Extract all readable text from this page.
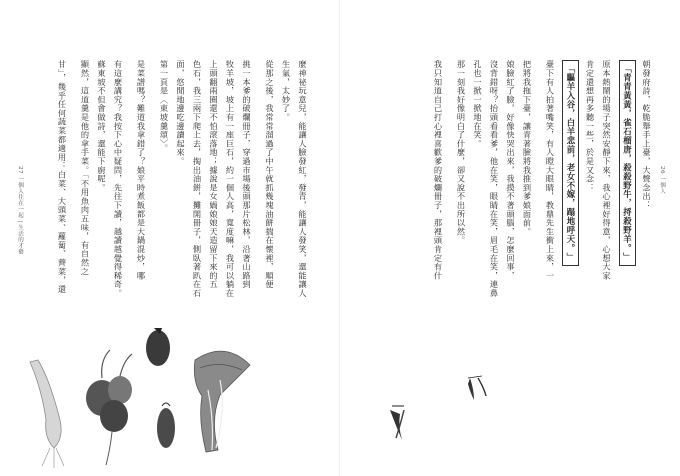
27 一個人住在一起 | 生活的才藝	麼神祕玩意兒，能讓人臉發紅，發青，能讓人發笑，還能讓人
生氣，太妙了。
從那之後，我常常溜過了中午就抓幾塊油餅揣在懷裡，順便
挑一本爹的破爛冊子，穿過市場後頭那片松林，沿著山路到
牧羊坡，坡上有一座巨石，約一個人高，寬度嘛，我可以躺在
上頭翻兩圈還不怕滾落地；據說是女媧娘娘天造留下來的五
色石，我三兩下爬上去，掏出油餅，攤開冊子，側臥著趴在石
面，悠閒地邊吃邊讀起來。
第一頁是〈東坡羹頌〉。
是菜譜嗎？難道我拿錯了？娘平時煮飯都是大鍋混炒，哪
有這麼講究？我按下心中疑問，先往下讀，越讀越覺得稀奇。
蘇東坡不但會做詩，還能下廚呢。
顯然，這道羹是他的拿手菜。「不用魚肉五味，有自然之
甘」，幾乎任何蔬菜都適用：白菜、大頭菜、蘿蔔、薺菜，還	26 一個人
朝發府詩，乾脆舉手上臺，大聲念出：
「青青黃黃，雀石榴唐，殺殺野牛，捋殺野羊。」
原本熱鬧的場子突然安靜下來，我心裡好得意，心想大家
肯定還想再多聽一些，於是又念：
「驅羊入谷，白羊悲前，老女不嫁，蹋地呼天。」
臺下有人拍著嘴笑，有人瞪大眼睛，教鼎先生衝上來，一
把將我拖下臺，讓青著臉將我推到爹娘面前。
娘臉紅了臉，好像快哭出來，我摸不著頭腦，怎麼回事，
沒背錯呀？抬頭看看爹，他在笑，眼睛在笑，眉毛在笑，連鼻
孔也一掀一掀地在笑。
那一刻我好像明白了什麼，卻又說不出所以然。
我只知道自己打心裡喜歡爹的破爛冊子，那裡頭肯定有什
